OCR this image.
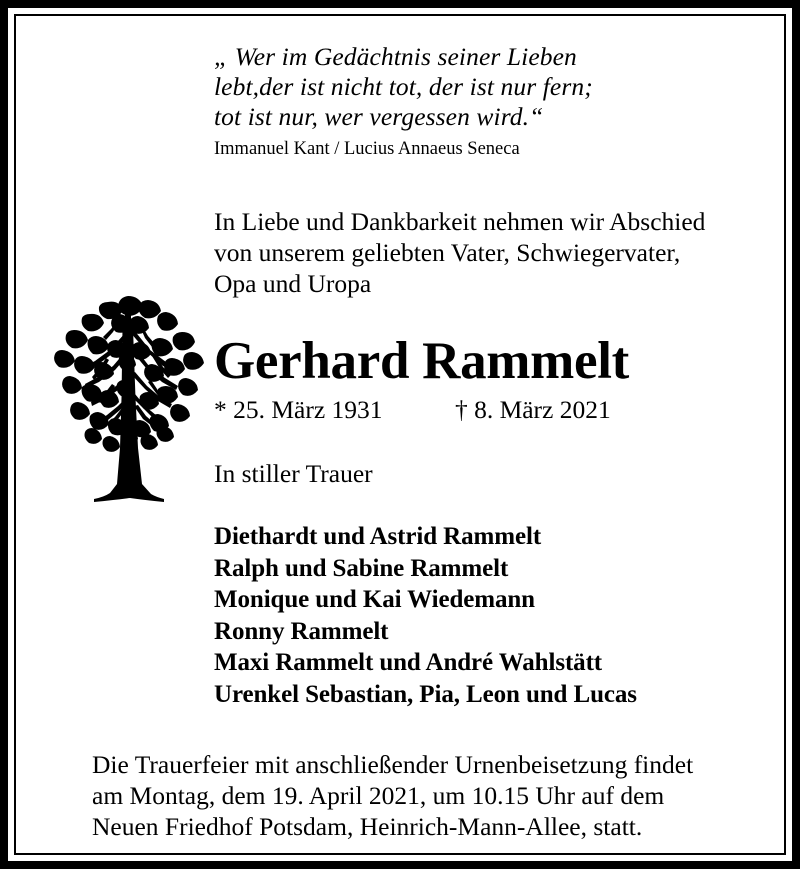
„ Wer im Gedächtnis seiner Lieben
lebt,der ist nicht tot, der ist nur fern;
tot ist nur, wer vergessen wird.“
Immanuel Kant / Lucius Annaeus Seneca
In Liebe und Dankbarkeit nehmen wir Abschied
von unserem geliebten Vater, Schwiegervater,
Opa und Uropa
Gerhard Rammelt
* 25. März 1931	† 8. März 2021
In stiller Trauer
Diethardt und Astrid Rammelt
Ralph und Sabine Rammelt
Monique und Kai Wiedemann
Ronny Rammelt
Maxi Rammelt und André Wahlstätt
Urenkel Sebastian, Pia, Leon und Lucas
Die Trauerfeier mit anschließender Urnenbeisetzung findet
am Montag, dem 19. April 2021, um 10.15 Uhr auf dem
Neuen Friedhof Potsdam, Heinrich-Mann-Allee, statt.
